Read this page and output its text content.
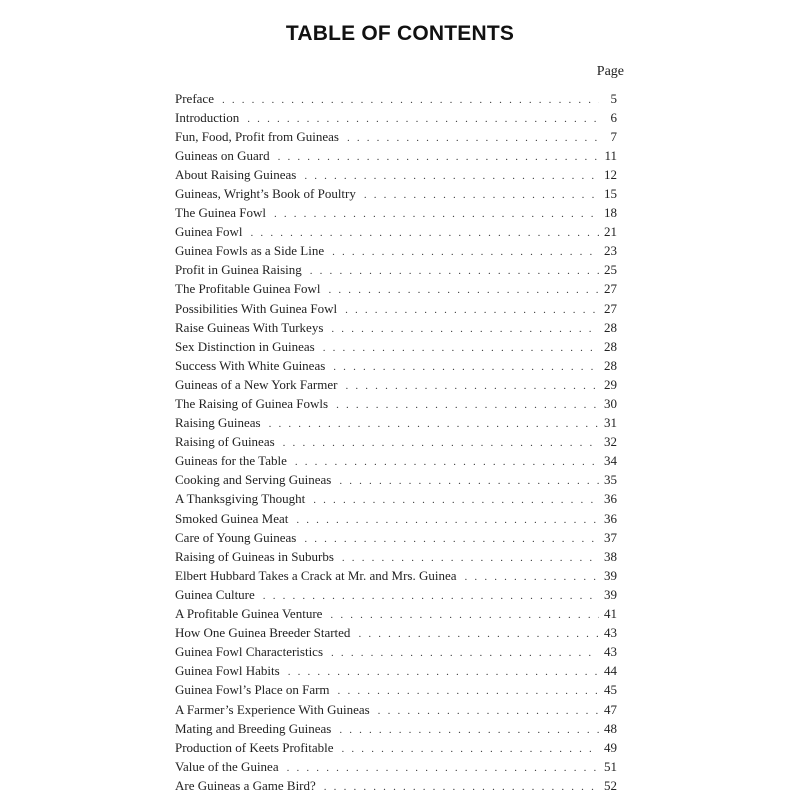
TABLE OF CONTENTS
Page
Preface . . .	5
Introduction . . .	6
Fun, Food, Profit from Guineas . . .	7
Guineas on Guard . . .	11
About Raising Guineas . . .	12
Guineas, Wright’s Book of Poultry . . .	15
The Guinea Fowl . . .	18
Guinea Fowl . . .	21
Guinea Fowls as a Side Line . . .	23
Profit in Guinea Raising . . .	25
The Profitable Guinea Fowl . . .	27
Possibilities With Guinea Fowl . . .	27
Raise Guineas With Turkeys . . .	28
Sex Distinction in Guineas . . .	28
Success With White Guineas . . .	28
Guineas of a New York Farmer . . .	29
The Raising of Guinea Fowls . . .	30
Raising Guineas . . .	31
Raising of Guineas . . .	32
Guineas for the Table . . .	34
Cooking and Serving Guineas . . .	35
A Thanksgiving Thought . . .	36
Smoked Guinea Meat . . .	36
Care of Young Guineas . . .	37
Raising of Guineas in Suburbs . . .	38
Elbert Hubbard Takes a Crack at Mr. and Mrs. Guinea . . .	39
Guinea Culture . . .	39
A Profitable Guinea Venture . . .	41
How One Guinea Breeder Started . . .	43
Guinea Fowl Characteristics . . .	43
Guinea Fowl Habits . . .	44
Guinea Fowl’s Place on Farm . . .	45
A Farmer’s Experience With Guineas . . .	47
Mating and Breeding Guineas . . .	48
Production of Keets Profitable . . .	49
Value of the Guinea . . .	51
Are Guineas a Game Bird? . . .	52
